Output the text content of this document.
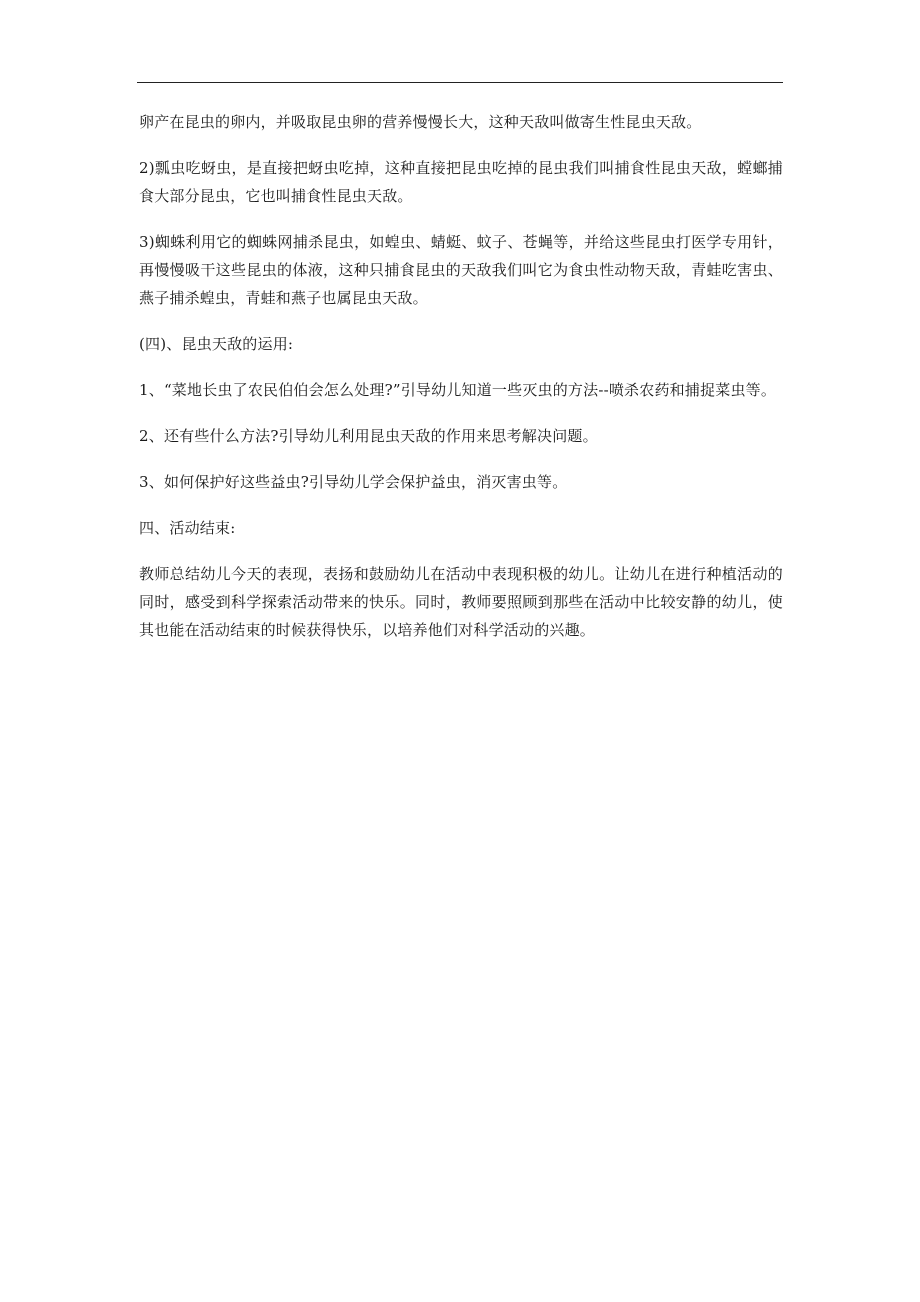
卵产在昆虫的卵内，并吸取昆虫卵的营养慢慢长大，这种天敌叫做寄生性昆虫天敌。

2)瓢虫吃蚜虫，是直接把蚜虫吃掉，这种直接把昆虫吃掉的昆虫我们叫捕食性昆虫天敌，螳螂捕食大部分昆虫，它也叫捕食性昆虫天敌。

3)蜘蛛利用它的蜘蛛网捕杀昆虫，如蝗虫、蜻蜓、蚊子、苍蝇等，并给这些昆虫打医学专用针，再慢慢吸干这些昆虫的体液，这种只捕食昆虫的天敌我们叫它为食虫性动物天敌，青蛙吃害虫、燕子捕杀蝗虫，青蛙和燕子也属昆虫天敌。

(四)、昆虫天敌的运用:

1、“菜地长虫了农民伯伯会怎么处理?”引导幼儿知道一些灭虫的方法--喷杀农药和捕捉菜虫等。

2、还有些什么方法?引导幼儿利用昆虫天敌的作用来思考解决问题。

3、如何保护好这些益虫?引导幼儿学会保护益虫，消灭害虫等。

四、活动结束:

教师总结幼儿今天的表现，表扬和鼓励幼儿在活动中表现积极的幼儿。让幼儿在进行种植活动的同时，感受到科学探索活动带来的快乐。同时，教师要照顾到那些在活动中比较安静的幼儿，使其也能在活动结束的时候获得快乐，以培养他们对科学活动的兴趣。
